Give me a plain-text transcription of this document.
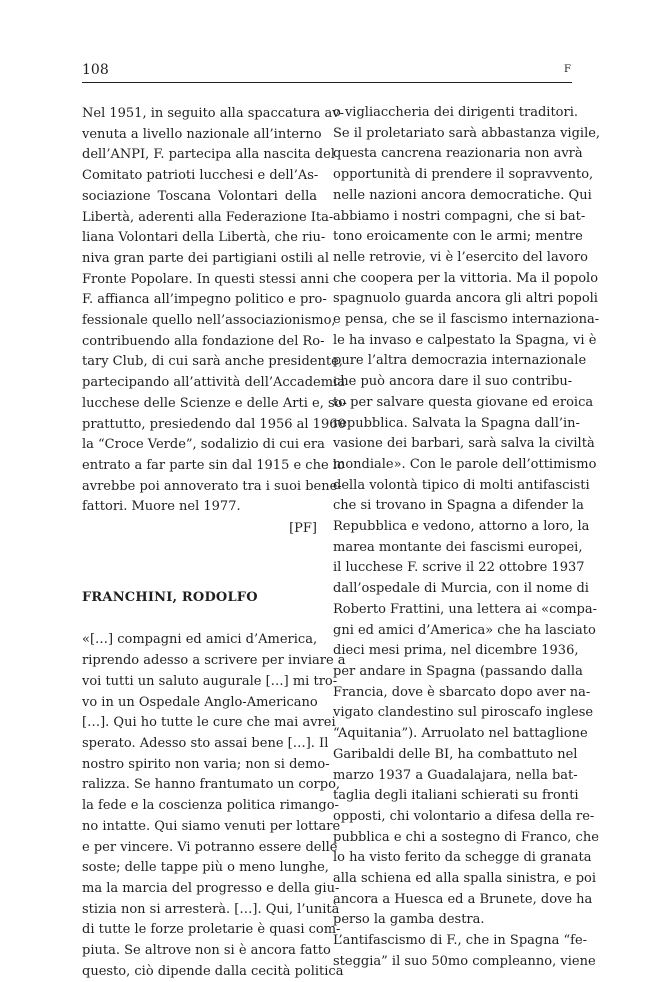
108	F
Nel 1951, in seguito alla spaccatura av-
venuta a livello nazionale all’interno
dell’ANPI, F. partecipa alla nascita del
Comitato patrioti lucchesi e dell’As-
sociazione Toscana Volontari della
Libertà, aderenti alla Federazione Ita-
liana Volontari della Libertà, che riu-
niva gran parte dei partigiani ostili al
Fronte Popolare. In questi stessi anni
F. affianca all’impegno politico e pro-
fessionale quello nell’associazionismo,
contribuendo alla fondazione del Ro-
tary Club, di cui sarà anche presidente,
partecipando all’attività dell’Accademia
lucchese delle Scienze e delle Arti e, so-
prattutto, presiedendo dal 1956 al 1960
la “Croce Verde”, sodalizio di cui era
entrato a far parte sin dal 1915 e che lo
avrebbe poi annoverato tra i suoi bene-
fattori. Muore nel 1977.
[PF]
FRANCHINI, RODOLFO
«[…] compagni ed amici d’America,
riprendo adesso a scrivere per inviare a
voi tutti un saluto augurale […] mi tro-
vo in un Ospedale Anglo-Americano
[…]. Qui ho tutte le cure che mai avrei
sperato. Adesso sto assai bene […]. Il
nostro spirito non varia; non si demo-
ralizza. Se hanno frantumato un corpo,
la fede e la coscienza politica rimango-
no intatte. Qui siamo venuti per lottare
e per vincere. Vi potranno essere delle
soste; delle tappe più o meno lunghe,
ma la marcia del progresso e della giu-
stizia non si arresterà. […]. Qui, l’unità
di tutte le forze proletarie è quasi com-
piuta. Se altrove non si è ancora fatto
questo, ciò dipende dalla cecità politica
o vigliaccheria dei dirigenti traditori.
Se il proletariato sarà abbastanza vigile,
questa cancrena reazionaria non avrà
opportunità di prendere il sopravvento,
nelle nazioni ancora democratiche. Qui
abbiamo i nostri compagni, che si bat-
tono eroicamente con le armi; mentre
nelle retrovie, vi è l’esercito del lavoro
che coopera per la vittoria. Ma il popolo
spagnuolo guarda ancora gli altri popoli
e pensa, che se il fascismo internaziona-
le ha invaso e calpestato la Spagna, vi è
pure l’altra democrazia internazionale
che può ancora dare il suo contribu-
to per salvare questa giovane ed eroica
repubblica. Salvata la Spagna dall’in-
vasione dei barbari, sarà salva la civiltà
mondiale». Con le parole dell’ottimismo
della volontà tipico di molti antifascisti
che si trovano in Spagna a difender la
Repubblica e vedono, attorno a loro, la
marea montante dei fascismi europei,
il lucchese F. scrive il 22 ottobre 1937
dall’ospedale di Murcia, con il nome di
Roberto Frattini, una lettera ai «compa-
gni ed amici d’America» che ha lasciato
dieci mesi prima, nel dicembre 1936,
per andare in Spagna (passando dalla
Francia, dove è sbarcato dopo aver na-
vigato clandestino sul piroscafo inglese
“Aquitania”). Arruolato nel battaglione
Garibaldi delle BI, ha combattuto nel
marzo 1937 a Guadalajara, nella bat-
taglia degli italiani schierati su fronti
opposti, chi volontario a difesa della re-
pubblica e chi a sostegno di Franco, che
lo ha visto ferito da schegge di granata
alla schiena ed alla spalla sinistra, e poi
ancora a Huesca ed a Brunete, dove ha
perso la gamba destra.
L’antifascismo di F., che in Spagna “fe-
steggia” il suo 50mo compleanno, viene
